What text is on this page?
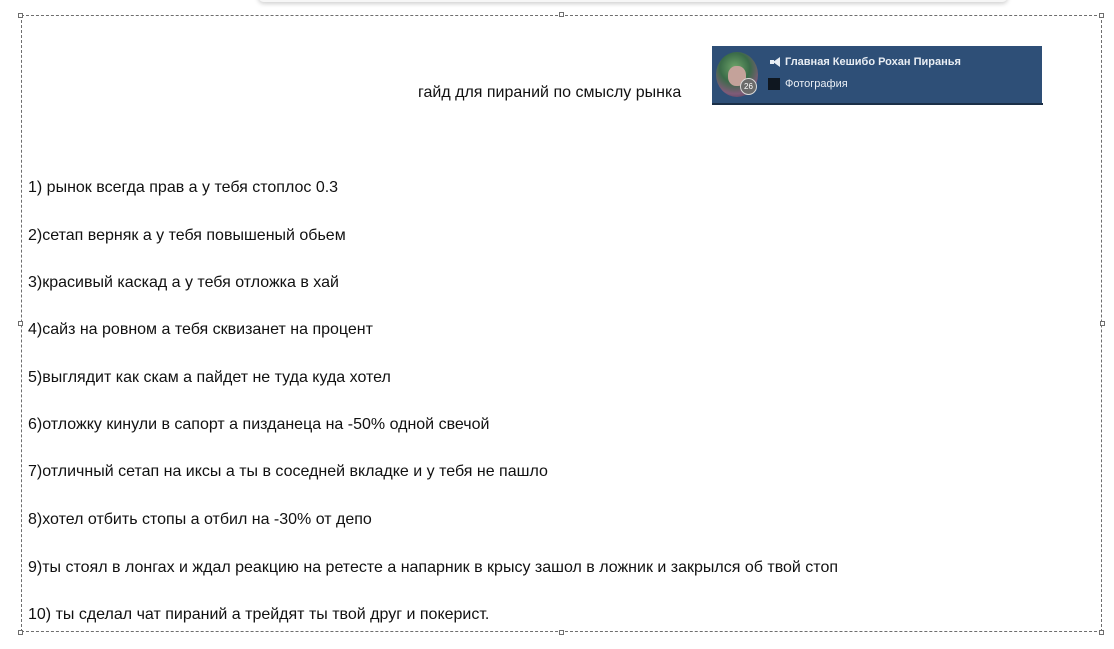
гайд для пираний по смыслу рынка	26
Главная Кешибо Рохан Пиранья
Фотография
1) рынок всегда прав а у тебя стоплос 0.3
2)сетап верняк а у тебя повышеный обьем
3)красивый каскад а у тебя отложка в хай
4)сайз на ровном а тебя сквизанет на процент
5)выглядит как скам а пайдет не туда куда хотел
6)отложку кинули в сапорт а пизданеца на -50% одной свечой
7)отличный сетап на иксы а ты в соседней вкладке и у тебя не пашло
8)хотел отбить стопы а отбил на -30% от депо
9)ты стоял в лонгах и ждал реакцию на ретесте а напарник в крысу зашол в ложник и закрылся об твой стоп
10) ты сделал чат пираний а трейдят ты твой друг и покерист.
